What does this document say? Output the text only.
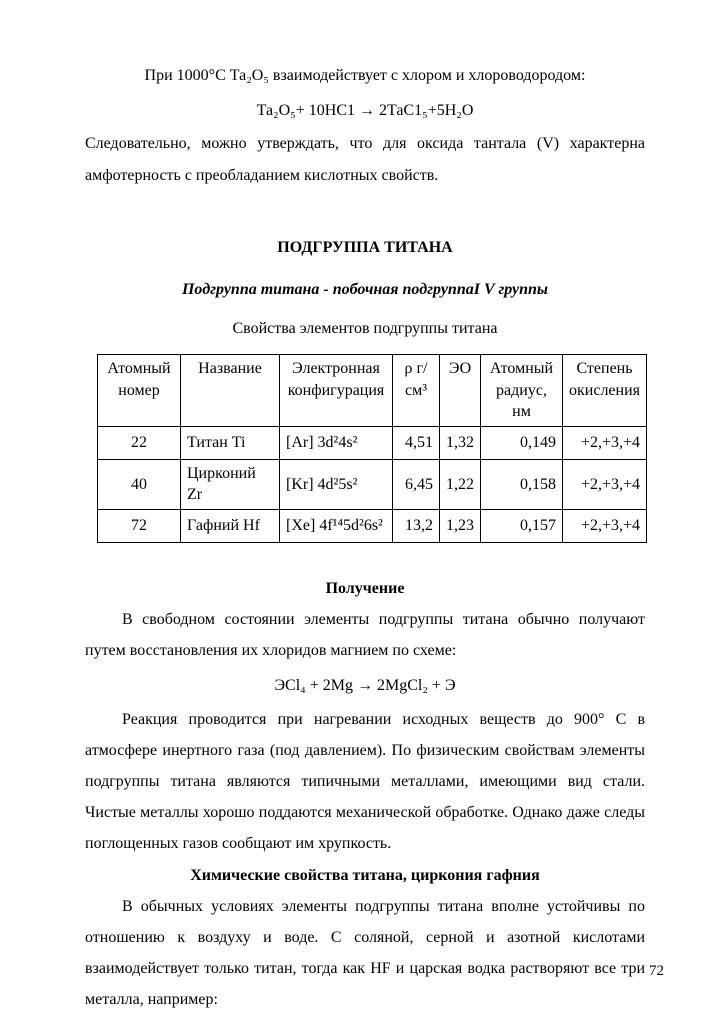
При 1000°С Та₂О₅ взаимодействует с хлором и хлороводородом:

Та₂О₅+ 10НС1 → 2ТаС1₅+5Н₂О

Следовательно, можно утверждать, что для оксида тантала (V) характерна амфотерность с преобладанием кислотных свойств.

ПОДГРУППА ТИТАНА
Подгруппа титана - побочная подгруппаI V группы
Свойства элементов подгруппы титана
Атомный номер	Название	Электронная конфигурация	ρ г/см³	ЭО	Атомный радиус, нм	Степень окисления
22	Титан Ti	[Ar] 3d²4s²	4,51	1,32	0,149	+2,+3,+4
40	Цирконий Zr	[Kr] 4d²5s²	6,45	1,22	0,158	+2,+3,+4
72	Гафний Hf	[Xe] 4f¹⁴5d²6s²	13,2	1,23	0,157	+2,+3,+4
Получение

В свободном состоянии элементы подгруппы титана обычно получают путем восстановления их хлоридов магнием по схеме:

ЭCl₄ + 2Mg → 2MgCl₂ + Э

Реакция проводится при нагревании исходных веществ до 900° С в атмосфере инертного газа (под давлением). По физическим свойствам элементы подгруппы титана являются типичными металлами, имеющими вид стали. Чистые металлы хорошо поддаются механической обработке. Однако даже следы поглощенных газов сообщают им хрупкость.

Химические свойства титана, циркония гафния

В обычных условиях элементы подгруппы титана вполне устойчивы по отношению к воздуху и воде. С соляной, серной и азотной кислотами взаимодействует только титан, тогда как HF и царская водка растворяют все три металла, например:

72
